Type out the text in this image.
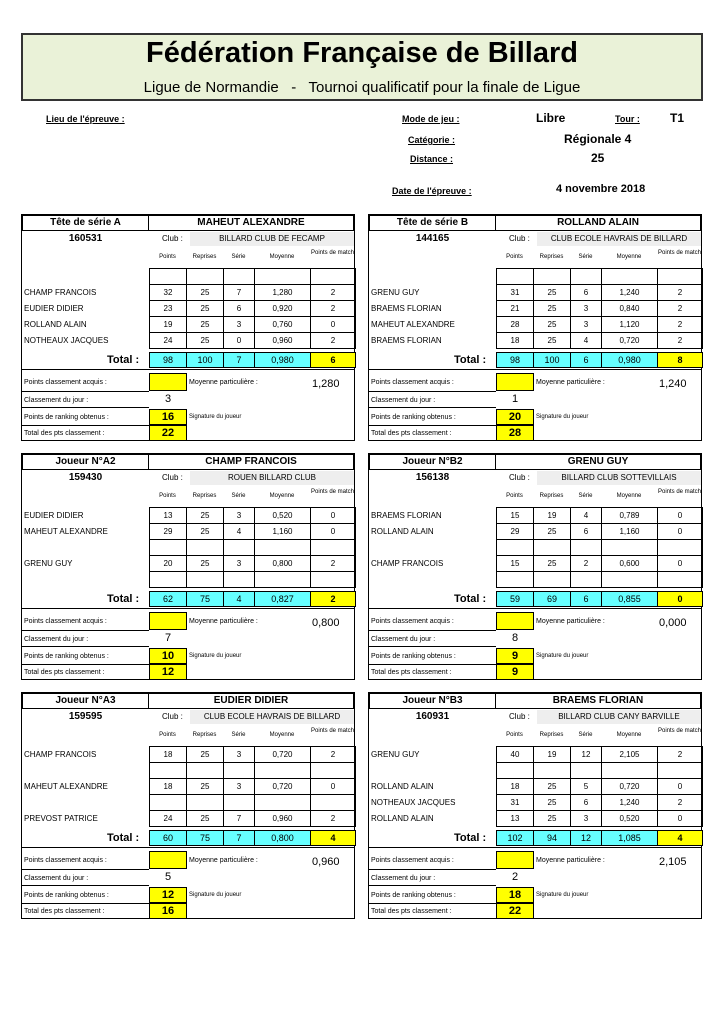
Fédération Française de Billard
Ligue de Normandie   -   Tournoi qualificatif pour la finale de Ligue
Lieu de l'épreuve :	Mode de jeu :	Libre	Tour :	T1
Catégorie :	Régionale 4
Distance :	25
Date de l'épreuve :	4 novembre 2018
Tête de série A	MAHEUT ALEXANDRE
160531	Club :	BILLARD CLUB DE FECAMP
Points	Reprises	Série	Moyenne
Points de match
CHAMP FRANCOIS	32	25	7	1,280	2
EUDIER DIDIER	23	25	6	0,920	2
ROLLAND ALAIN	19	25	3	0,760	0
NOTHEAUX JACQUES	24	25	0	0,960	2
Total :	98	100	7	0,980	6
Points classement acquis :	Moyenne particulière :	1,280
Classement du jour :	3
Points de ranking obtenus :	16	Signature du joueur
Total des pts classement :	22
Tête de série B	ROLLAND ALAIN
144165	Club :	CLUB ECOLE HAVRAIS DE BILLARD
Points	Reprises	Série	Moyenne
Points de match
GRENU GUY	31	25	6	1,240	2
BRAEMS FLORIAN	21	25	3	0,840	2
MAHEUT ALEXANDRE	28	25	3	1,120	2
BRAEMS FLORIAN	18	25	4	0,720	2
Total :	98	100	6	0,980	8
Points classement acquis :	Moyenne particulière :	1,240
Classement du jour :	1
Points de ranking obtenus :	20	Signature du joueur
Total des pts classement :	28
Joueur N°A2	CHAMP FRANCOIS
159430	Club :	ROUEN BILLARD CLUB
Points	Reprises	Série	Moyenne
Points de match
EUDIER DIDIER	13	25	3	0,520	0
MAHEUT ALEXANDRE	29	25	4	1,160	0
GRENU GUY	20	25	3	0,800	2
Total :	62	75	4	0,827	2
Points classement acquis :	Moyenne particulière :	0,800
Classement du jour :	7
Points de ranking obtenus :	10	Signature du joueur
Total des pts classement :	12
Joueur N°B2	GRENU GUY
156138	Club :	BILLARD CLUB SOTTEVILLAIS
Points	Reprises	Série	Moyenne
Points de match
BRAEMS FLORIAN	15	19	4	0,789	0
ROLLAND ALAIN	29	25	6	1,160	0
CHAMP FRANCOIS	15	25	2	0,600	0
Total :	59	69	6	0,855	0
Points classement acquis :	Moyenne particulière :	0,000
Classement du jour :	8
Points de ranking obtenus :	9	Signature du joueur
Total des pts classement :	9
Joueur N°A3	EUDIER DIDIER
159595	Club :	CLUB ECOLE HAVRAIS DE BILLARD
Points	Reprises	Série	Moyenne
Points de match
CHAMP FRANCOIS	18	25	3	0,720	2
MAHEUT ALEXANDRE	18	25	3	0,720	0
PREVOST PATRICE	24	25	7	0,960	2
Total :	60	75	7	0,800	4
Points classement acquis :	Moyenne particulière :	0,960
Classement du jour :	5
Points de ranking obtenus :	12	Signature du joueur
Total des pts classement :	16
Joueur N°B3	BRAEMS FLORIAN
160931	Club :	BILLARD CLUB CANY BARVILLE
Points	Reprises	Série	Moyenne
Points de match
GRENU GUY	40	19	12	2,105	2
ROLLAND ALAIN	18	25	5	0,720	0
NOTHEAUX JACQUES	31	25	6	1,240	2
ROLLAND ALAIN	13	25	3	0,520	0
Total :	102	94	12	1,085	4
Points classement acquis :	Moyenne particulière :	2,105
Classement du jour :	2
Points de ranking obtenus :	18	Signature du joueur
Total des pts classement :	22
